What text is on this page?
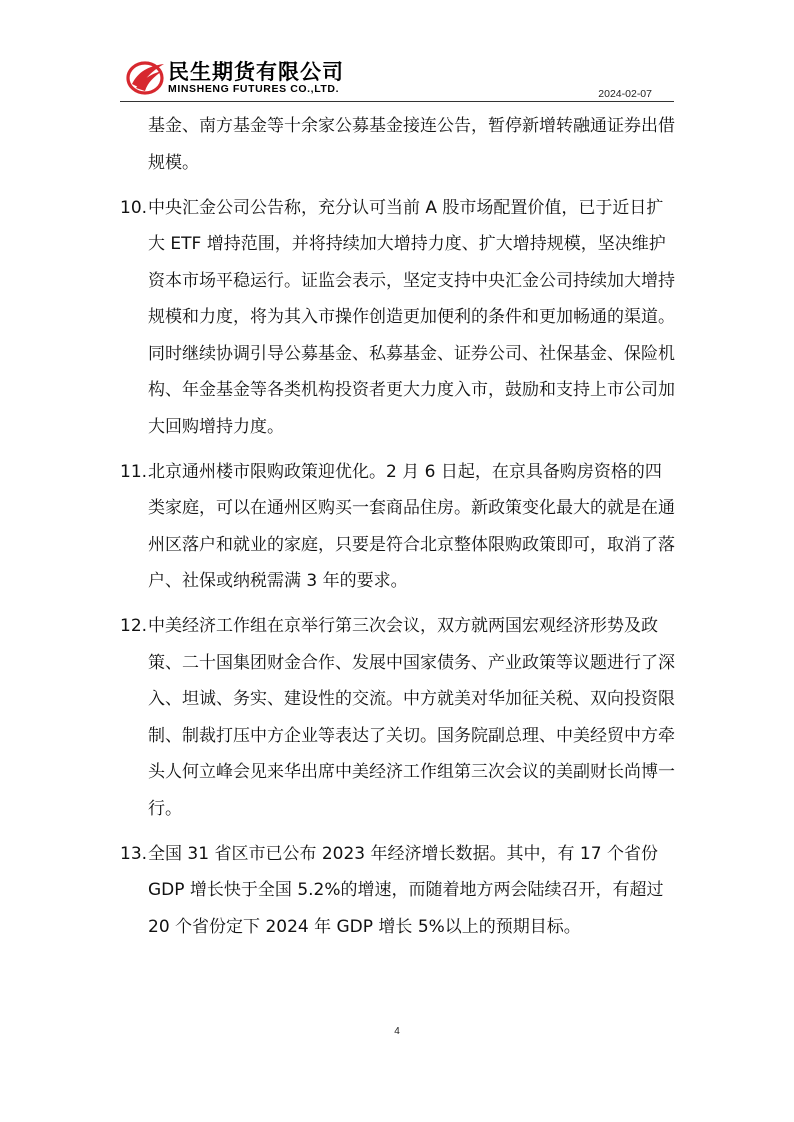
民生期货有限公司
MINSHENG FUTURES CO.,LTD.	2024-02-07

基金、南方基金等十余家公募基金接连公告，暂停新增转融通证券出借规模。

10. 中央汇金公司公告称，充分认可当前 A 股市场配置价值，已于近日扩大 ETF 增持范围，并将持续加大增持力度、扩大增持规模，坚决维护资本市场平稳运行。证监会表示，坚定支持中央汇金公司持续加大增持规模和力度，将为其入市操作创造更加便利的条件和更加畅通的渠道。同时继续协调引导公募基金、私募基金、证券公司、社保基金、保险机构、年金基金等各类机构投资者更大力度入市，鼓励和支持上市公司加大回购增持力度。

11. 北京通州楼市限购政策迎优化。2 月 6 日起，在京具备购房资格的四类家庭，可以在通州区购买一套商品住房。新政策变化最大的就是在通州区落户和就业的家庭，只要是符合北京整体限购政策即可，取消了落户、社保或纳税需满 3 年的要求。

12. 中美经济工作组在京举行第三次会议，双方就两国宏观经济形势及政策、二十国集团财金合作、发展中国家债务、产业政策等议题进行了深入、坦诚、务实、建设性的交流。中方就美对华加征关税、双向投资限制、制裁打压中方企业等表达了关切。国务院副总理、中美经贸中方牵头人何立峰会见来华出席中美经济工作组第三次会议的美副财长尚博一行。

13. 全国 31 省区市已公布 2023 年经济增长数据。其中，有 17 个省份 GDP 增长快于全国 5.2%的增速，而随着地方两会陆续召开，有超过 20 个省份定下 2024 年 GDP 增长 5%以上的预期目标。

4
